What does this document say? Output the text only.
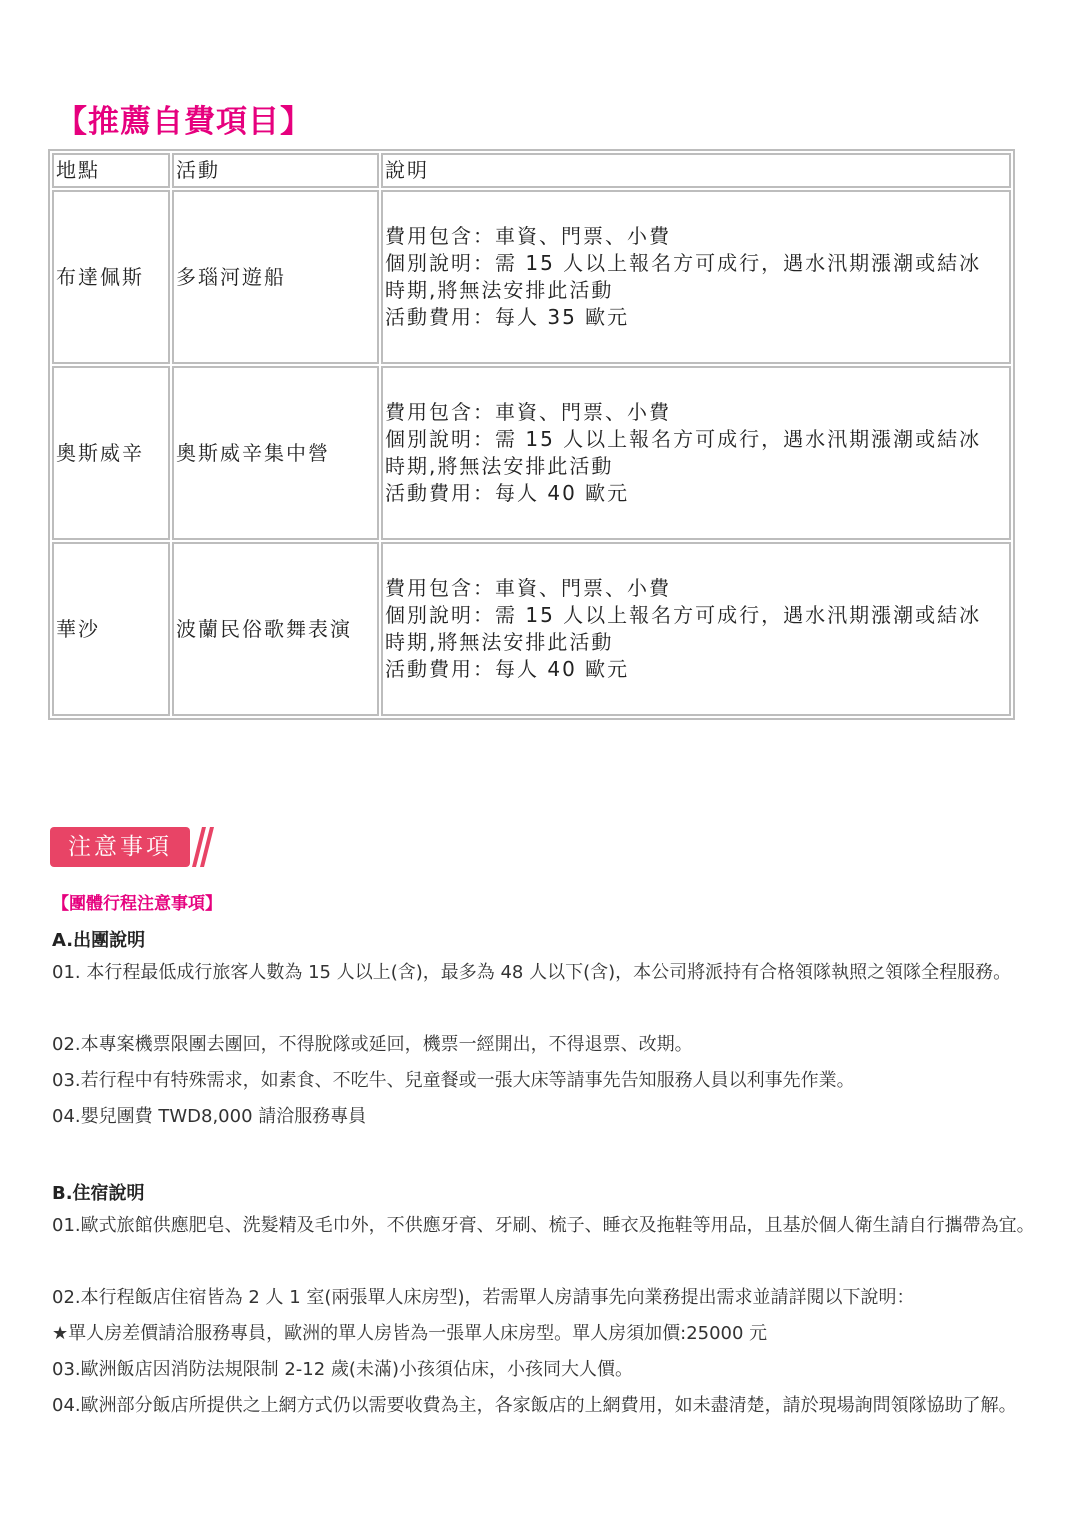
【推薦自費項目】
地點	活動	說明
布達佩斯	多瑙河遊船	費用包含：車資、門票、小費
個別說明：需 15 人以上報名方可成行，遇水汛期漲潮或結冰
時期,將無法安排此活動
活動費用：每人 35 歐元

奧斯威辛	奧斯威辛集中營	費用包含：車資、門票、小費
個別說明：需 15 人以上報名方可成行，遇水汛期漲潮或結冰
時期,將無法安排此活動
活動費用：每人 40 歐元

華沙	波蘭民俗歌舞表演	費用包含：車資、門票、小費
個別說明：需 15 人以上報名方可成行，遇水汛期漲潮或結冰
時期,將無法安排此活動
活動費用：每人 40 歐元
注意事項
【團體行程注意事項】
A.出團說明

01. 本行程最低成行旅客人數為 15 人以上(含)，最多為 48 人以下(含)，本公司將派持有合格領隊執照之領隊全程服務。

02.本專案機票限團去團回，不得脫隊或延回，機票一經開出，不得退票、改期。

03.若行程中有特殊需求，如素食、不吃牛、兒童餐或一張大床等請事先告知服務人員以利事先作業。

04.嬰兒團費 TWD8,000 請洽服務專員

B.住宿說明

01.歐式旅館供應肥皂、洗髮精及毛巾外，不供應牙膏、牙刷、梳子、睡衣及拖鞋等用品，且基於個人衛生請自行攜帶為宜。

02.本行程飯店住宿皆為 2 人 1 室(兩張單人床房型)，若需單人房請事先向業務提出需求並請詳閱以下說明：

★單人房差價請洽服務專員，歐洲的單人房皆為一張單人床房型。單人房須加價:25000 元

03.歐洲飯店因消防法規限制 2-12 歲(未滿)小孩須佔床，小孩同大人價。

04.歐洲部分飯店所提供之上網方式仍以需要收費為主，各家飯店的上網費用，如未盡清楚，請於現場詢問領隊協助了解。
